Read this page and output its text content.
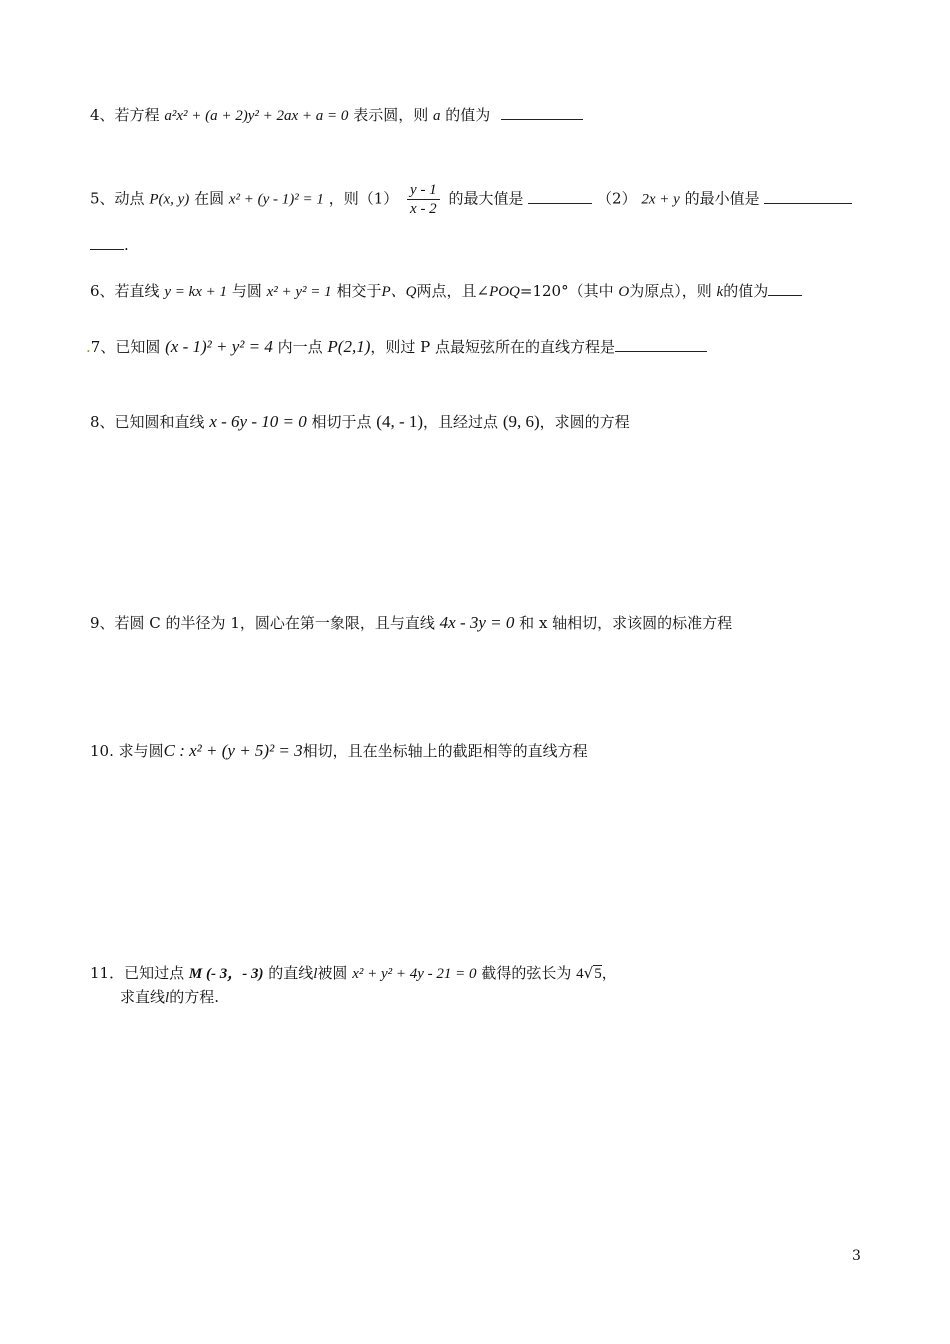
4、若方程 a²x² + (a + 2)y² + 2ax + a = 0 表示圆，则 a 的值为
5、动点 P(x, y) 在圆 x² + (y - 1)² = 1 ，则$(1) \frac{y - 1}{x - 2}$ 的最大值是	（2） 2x + y 的最小值是
.
6、若直线 y = kx + 1 与圆 x² + y² = 1 相交于P、Q两点，且∠POQ=120°（其中 O为原点），则 k的值为
.7、已知圆 (x - 1)² + y² = 4 内一点 P(2,1)，则过 P 点最短弦所在的直线方程是
8、已知圆和直线 x - 6y - 10 = 0 相切于点 (4, - 1)，且经过点 (9, 6)，求圆的方程
9、若圆 C 的半径为 1，圆心在第一象限，且与直线 4x - 3y = 0 和 x 轴相切，求该圆的标准方程
10. 求与圆C : x² + (y + 5)² = 3相切，且在坐标轴上的截距相等的直线方程
11．已知过点 M (- 3，- 3) 的直线l被圆 x² + y² + 4y - 21 = 0 截得的弦长为 4√5，
求直线l的方程.
3
